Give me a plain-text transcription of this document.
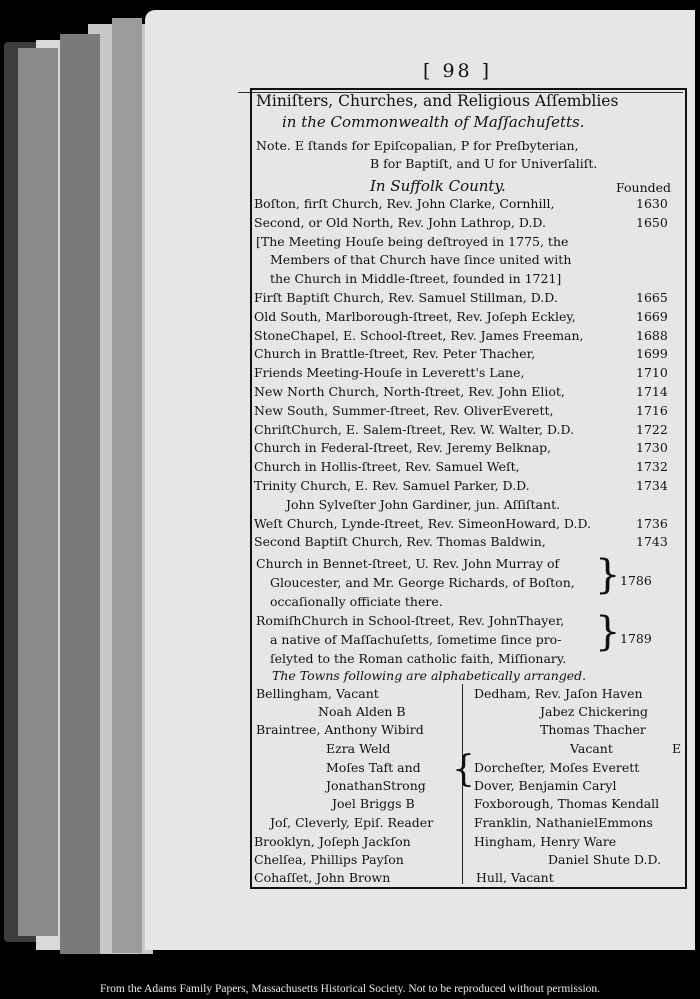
[ 98 ]
Miniſters, Churches, and Religious Aſſemblies
in the Commonwealth of Maſſachuſetts.
Note. E ſtands for Epiſcopalian, P for Preſbyterian,
B for Baptiſt, and U for Univerſaliſt.
In Suffolk County.	Founded
Boſton, firſt Church, Rev. John Clarke, Cornhill,	1630
Second, or Old North, Rev. John Lathrop, D.D.	1650
[The Meeting Houſe being deſtroyed in 1775, the
Members of that Church have ſince united with
the Church in Middle-ſtreet, founded in 1721]
Firſt Baptiſt Church, Rev. Samuel Stillman, D.D.	1665
Old South, Marlborough-ſtreet, Rev. Joſeph Eckley,	1669
StoneChapel, E. School-ſtreet, Rev. James Freeman,	1688
Church in Brattle-ſtreet, Rev. Peter Thacher,	1699
Friends Meeting-Houſe in Leverett's Lane,	1710
New North Church, North-ſtreet, Rev. John Eliot,	1714
New South, Summer-ſtreet, Rev. OliverEverett,	1716
ChriſtChurch, E. Salem-ſtreet, Rev. W. Walter, D.D.	1722
Church in Federal-ſtreet, Rev. Jeremy Belknap,	1730
Church in Hollis-ſtreet, Rev. Samuel Weſt,	1732
Trinity Church, E. Rev. Samuel Parker, D.D.	1734
John Sylveſter John Gardiner, jun. Aſſiſtant.
Weſt Church, Lynde-ſtreet, Rev. SimeonHoward, D.D.	1736
Second Baptiſt Church, Rev. Thomas Baldwin,	1743
Church in Bennet-ſtreet, U. Rev. John Murray of
Gloucester, and Mr. George Richards, of Boſton,
occaſionally officiate there.
} 1786
RomiſhChurch in School-ſtreet, Rev. JohnThayer,
a native of Maſſachuſetts, ſometime ſince pro-
ſelyted to the Roman catholic faith, Miſſionary.
} 1789
The Towns following are alphabetically arranged.
Bellingham, Vacant
Noah Alden B
Braintree, Anthony Wibird
Ezra Weld
Moſes Taft and
JonathanStrong
Joel Briggs B
Joſ, Cleverly, Epiſ. Reader
Brooklyn, Joſeph Jackſon
Chelſea, Phillips Payſon
Cohaſſet, John Brown
{
Dedham, Rev. Jaſon Haven
Jabez Chickering
Thomas Thacher
Vacant	E
Dorcheſter, Moſes Everett
Dover, Benjamin Caryl
Foxborough, Thomas Kendall
Franklin, NathanielEmmons
Hingham, Henry Ware
Daniel Shute D.D.
Hull, Vacant
From the Adams Family Papers, Massachusetts Historical Society. Not to be reproduced without permission.
